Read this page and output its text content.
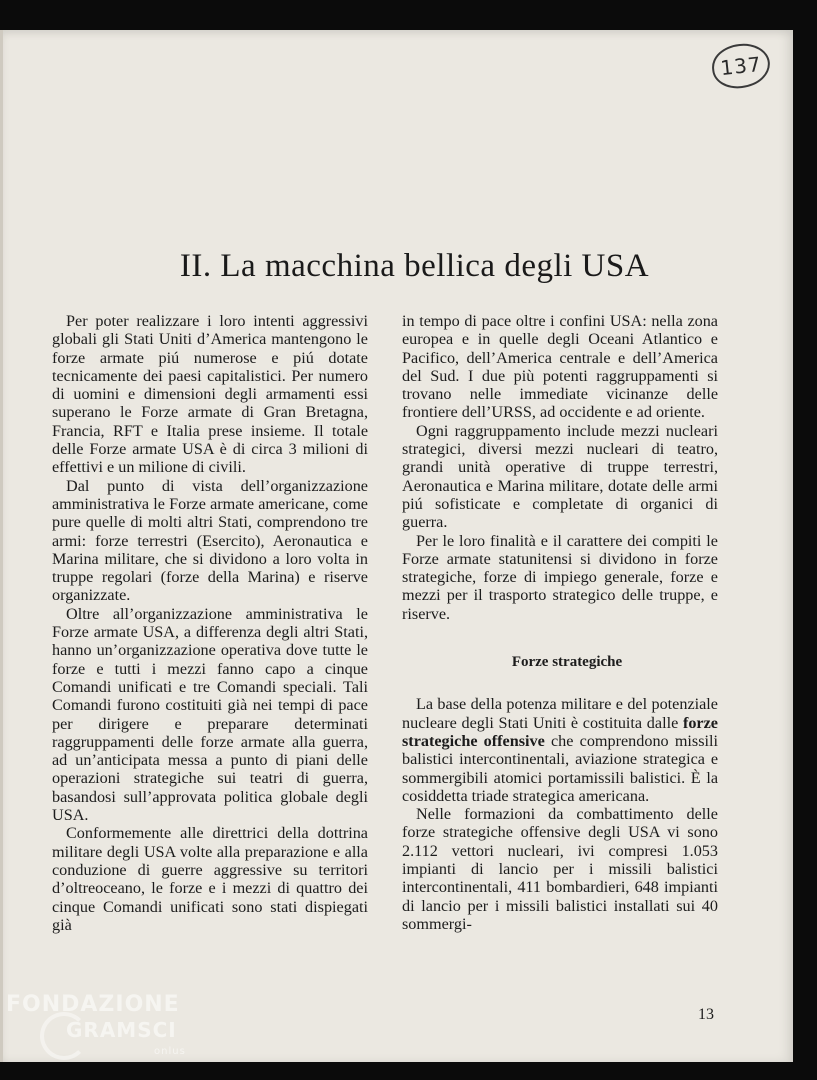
137
II. La macchina bellica degli USA

Per poter realizzare i loro intenti aggressivi globali gli Stati Uniti d’America mantengono le forze armate piú numerose e piú dotate tecnicamente dei paesi capitalistici. Per numero di uomini e dimensioni degli armamenti essi superano le Forze armate di Gran Bretagna, Francia, RFT e Italia prese insieme. Il totale delle Forze armate USA è di circa 3 milioni di effettivi e un milione di civili.

Dal punto di vista dell’organizzazione amministrativa le Forze armate americane, come pure quelle di molti altri Stati, comprendono tre armi: forze terrestri (Esercito), Aeronautica e Marina militare, che si dividono a loro volta in truppe regolari (forze della Marina) e riserve organizzate.

Oltre all’organizzazione amministrativa le Forze armate USA, a differenza degli altri Stati, hanno un’organizzazione operativa dove tutte le forze e tutti i mezzi fanno capo a cinque Comandi unificati e tre Comandi speciali. Tali Comandi furono costituiti già nei tempi di pace per dirigere e preparare determinati raggruppamenti delle forze armate alla guerra, ad un’anticipata messa a punto di piani delle operazioni strategiche sui teatri di guerra, basandosi sull’approvata politica globale degli USA.

Conformemente alle direttrici della dottrina militare degli USA volte alla preparazione e alla conduzione di guerre aggressive su territori d’oltreoceano, le forze e i mezzi di quattro dei cinque Comandi unificati sono stati dispiegati già

in tempo di pace oltre i confini USA: nella zona europea e in quelle degli Oceani Atlantico e Pacifico, dell’America centrale e dell’America del Sud. I due più potenti raggruppamenti si trovano nelle immediate vicinanze delle frontiere dell’URSS, ad occidente e ad oriente.

Ogni raggruppamento include mezzi nucleari strategici, diversi mezzi nucleari di teatro, grandi unità operative di truppe terrestri, Aeronautica e Marina militare, dotate delle armi piú sofisticate e completate di organici di guerra.

Per le loro finalità e il carattere dei compiti le Forze armate statunitensi si dividono in forze strategiche, forze di impiego generale, forze e mezzi per il trasporto strategico delle truppe, e riserve.

Forze strategiche

La base della potenza militare e del potenziale nucleare degli Stati Uniti è costituita dalle forze strategiche offensive che comprendono missili balistici intercontinentali, aviazione strategica e sommergibili atomici portamissili balistici. È la cosiddetta triade strategica americana.

Nelle formazioni da combattimento delle forze strategiche offensive degli USA vi sono 2.112 vettori nucleari, ivi compresi 1.053 impianti di lancio per i missili balistici intercontinentali, 411 bombardieri, 648 impianti di lancio per i missili balistici installati sui 40 sommergi-

13
FONDAZIONE
GRAMSCI
onlus
